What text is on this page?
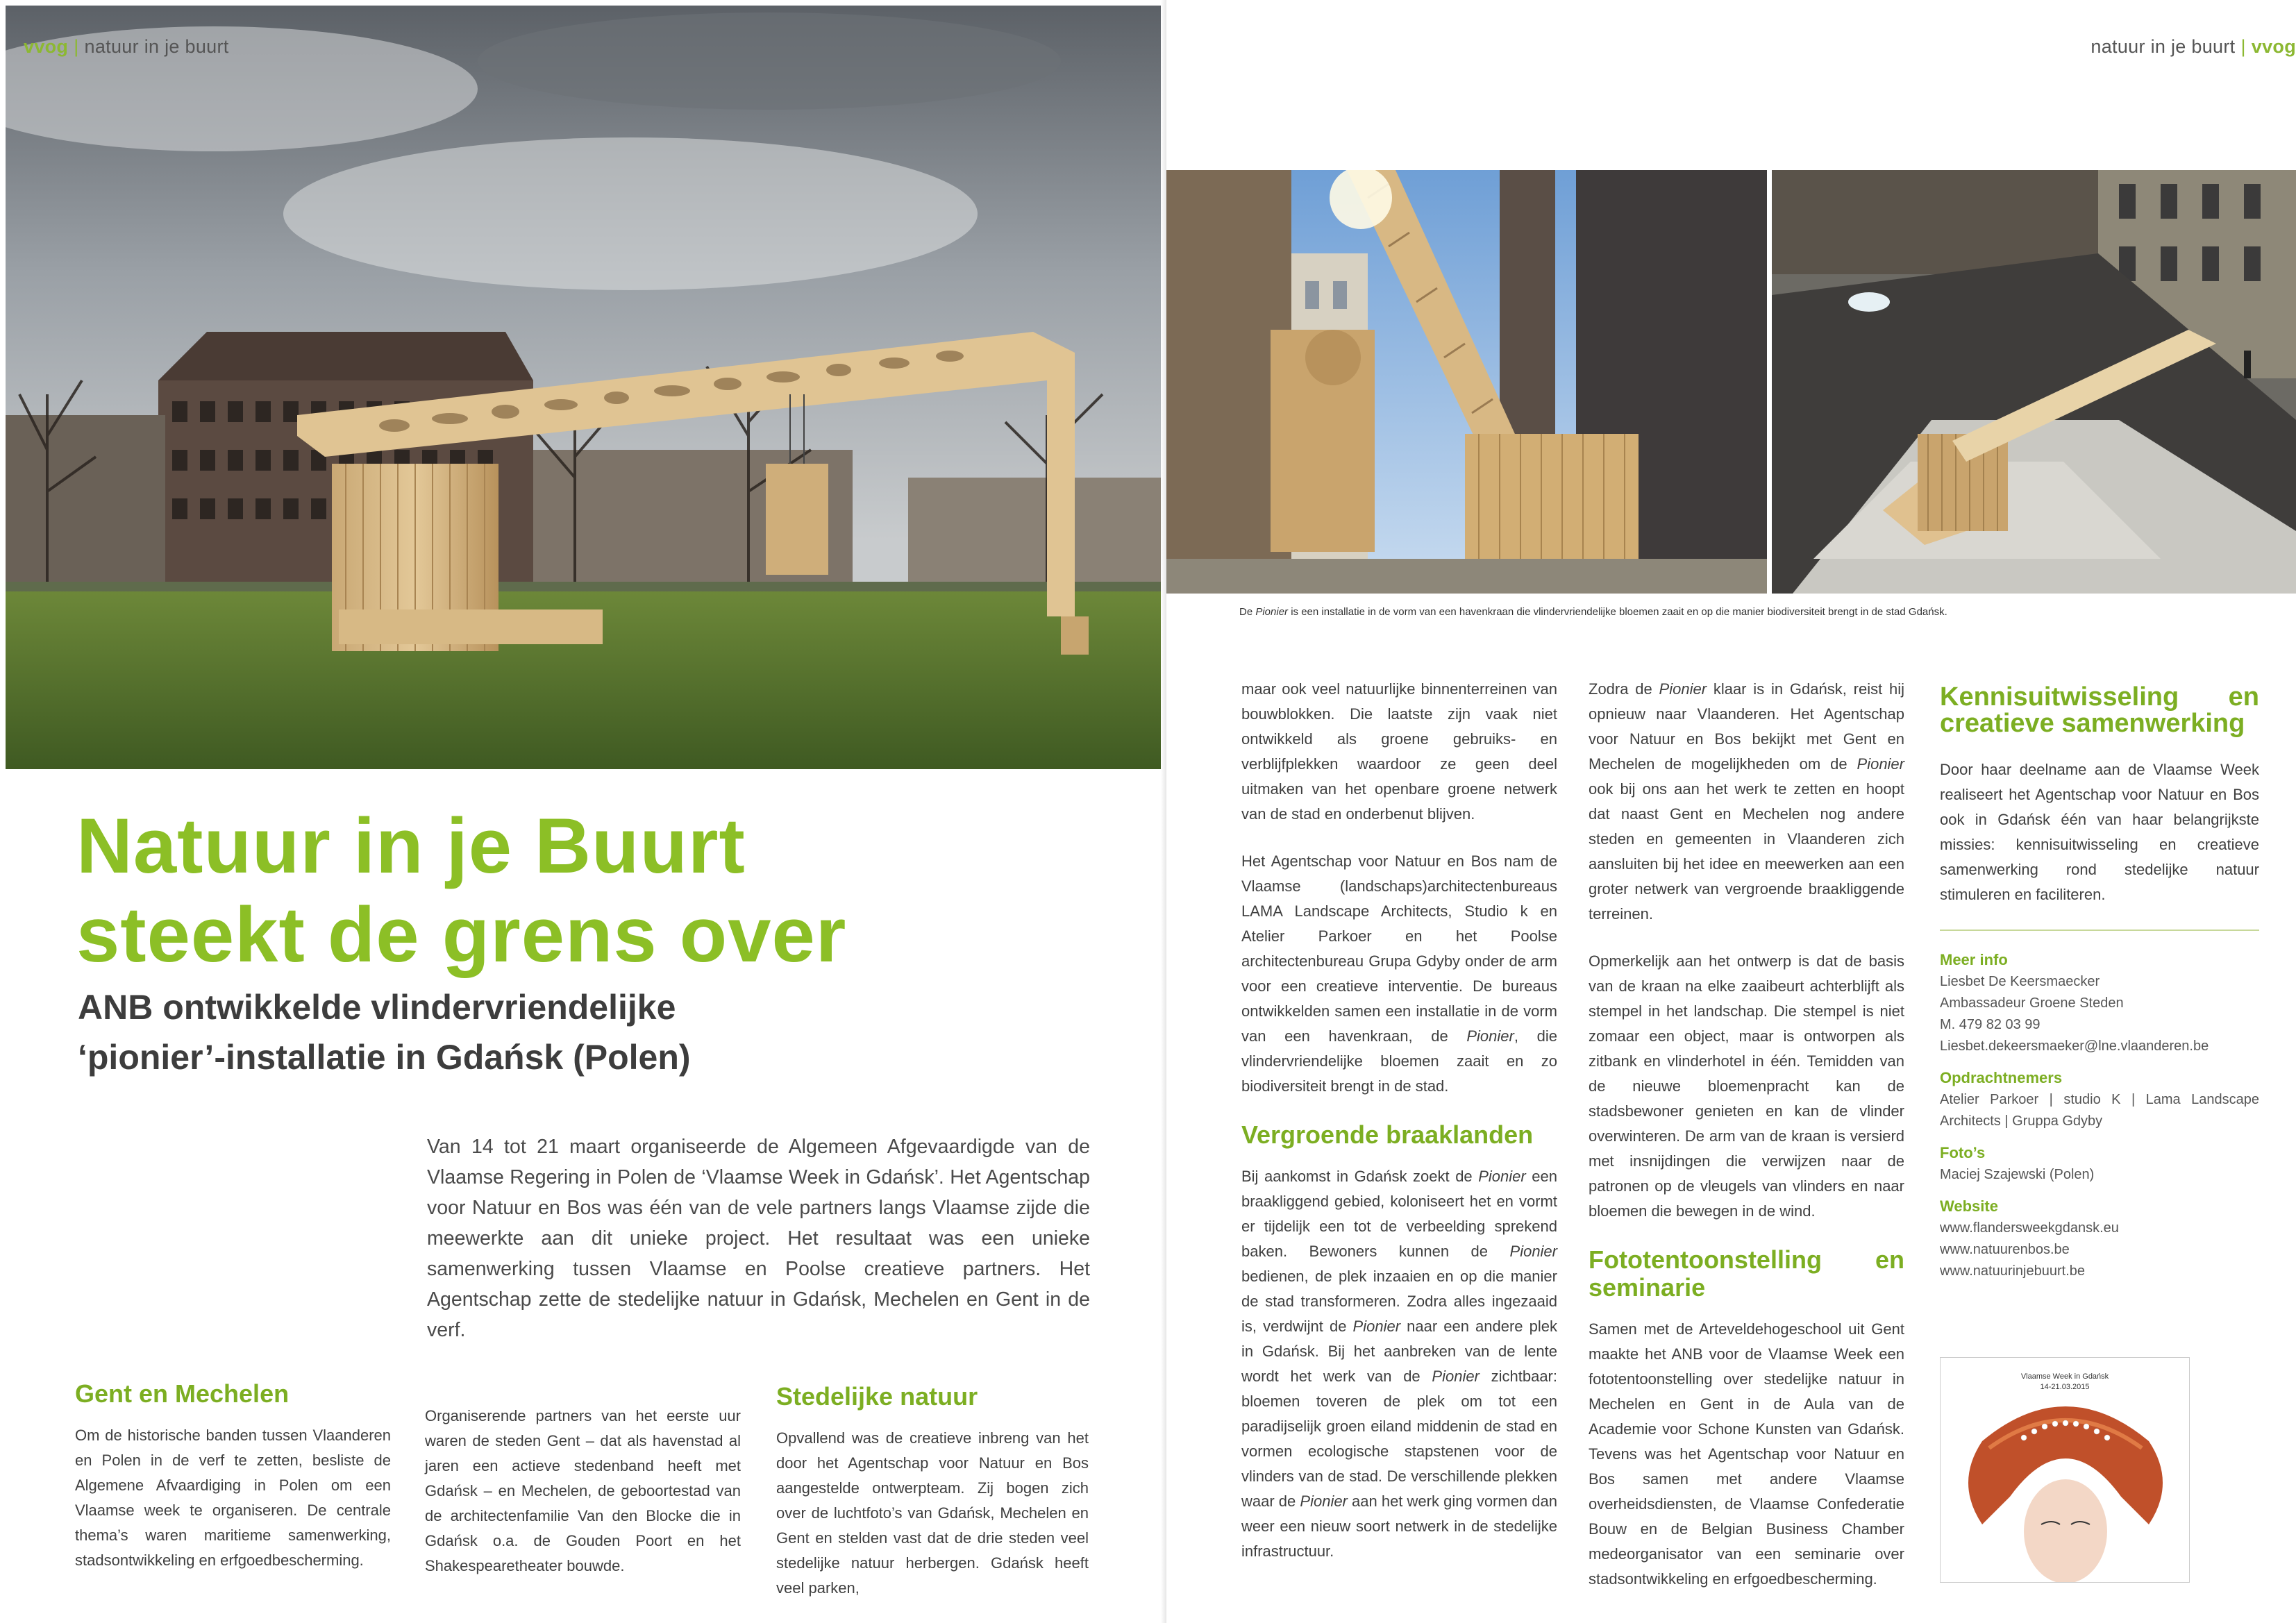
vvog | natuur in je buurt
Natuur in je Buurt
steekt de grens over
ANB ontwikkelde vlindervriendelijke
‘pionier’-installatie in Gdańsk (Polen)
Van 14 tot 21 maart organiseerde de Algemeen Afgevaardigde van de Vlaamse Regering in Polen de ‘Vlaamse Week in Gdańsk’. Het Agentschap voor Natuur en Bos was één van de vele partners langs Vlaamse zijde die meewerkte aan dit unieke project. Het resultaat was een unieke samenwerking tussen Vlaamse en Poolse creatieve partners. Het Agentschap zette de stedelijke natuur in Gdańsk, Mechelen en Gent in de verf.
Gent en Mechelen

Om de historische banden tussen Vlaanderen en Polen in de verf te zetten, besliste de Algemene Afvaardiging in Polen om een Vlaamse week te organiseren. De centrale thema’s waren maritieme samenwerking, stadsontwikkeling en erfgoedbescherming.

Organiserende partners van het eerste uur waren de steden Gent – dat als havenstad al jaren een actieve stedenband heeft met Gdańsk – en Mechelen, de geboortestad van de architectenfamilie Van den Blocke die in Gdańsk o.a. de Gouden Poort en het Shakespearetheater bouwde.

Stedelijke natuur

Opvallend was de creatieve inbreng van het door het Agentschap voor Natuur en Bos aangestelde ontwerpteam. Zij bogen zich over de luchtfoto’s van Gdańsk, Mechelen en Gent en stelden vast dat de drie steden veel stedelijke natuur herbergen. Gdańsk heeft veel parken,

natuur in je buurt | vvog
De Pionier is een installatie in de vorm van een havenkraan die vlindervriendelijke bloemen zaait en op die manier biodiversiteit brengt in de stad Gdańsk.

maar ook veel natuurlijke binnenterreinen van bouwblokken. Die laatste zijn vaak niet ontwikkeld als groene gebruiks- en verblijfplekken waardoor ze geen deel uitmaken van het openbare groene netwerk van de stad en onderbenut blijven.

Het Agentschap voor Natuur en Bos nam de Vlaamse (landschaps)architectenbureaus LAMA Landscape Architects, Studio k en Atelier Parkoer en het Poolse architectenbureau Grupa Gdyby onder de arm voor een creatieve interventie. De bureaus ontwikkelden samen een installatie in de vorm van een havenkraan, de Pionier, die vlindervriendelijke bloemen zaait en zo biodiversiteit brengt in de stad.

Vergroende braaklanden

Bij aankomst in Gdańsk zoekt de Pionier een braakliggend gebied, koloniseert het en vormt er tijdelijk een tot de verbeelding sprekend baken. Bewoners kunnen de Pionier bedienen, de plek inzaaien en op die manier de stad transformeren. Zodra alles ingezaaid is, verdwijnt de Pionier naar een andere plek in Gdańsk. Bij het aanbreken van de lente wordt het werk van de Pionier zichtbaar: bloemen toveren de plek om tot een paradijselijk groen eiland middenin de stad en vormen ecologische stapstenen voor de vlinders van de stad. De verschillende plekken waar de Pionier aan het werk ging vormen dan weer een nieuw soort netwerk in de stedelijke infrastructuur.

Zodra de Pionier klaar is in Gdańsk, reist hij opnieuw naar Vlaanderen. Het Agentschap voor Natuur en Bos bekijkt met Gent en Mechelen de mogelijkheden om de Pionier ook bij ons aan het werk te zetten en hoopt dat naast Gent en Mechelen nog andere steden en gemeenten in Vlaanderen zich aansluiten bij het idee en meewerken aan een groter netwerk van vergroende braakliggende terreinen.

Opmerkelijk aan het ontwerp is dat de basis van de kraan na elke zaaibeurt achterblijft als stempel in het landschap. Die stempel is niet zomaar een object, maar is ontworpen als zitbank en vlinderhotel in één. Temidden van de nieuwe bloemenpracht kan de stadsbewoner genieten en kan de vlinder overwinteren. De arm van de kraan is versierd met insnijdingen die verwijzen naar de patronen op de vleugels van vlinders en naar bloemen die bewegen in de wind.

Fototentoonstelling en seminarie

Samen met de Arteveldehogeschool uit Gent maakte het ANB voor de Vlaamse Week een fototentoonstelling over stedelijke natuur in Mechelen en Gent in de Aula van de Academie voor Schone Kunsten van Gdańsk. Tevens was het Agentschap voor Natuur en Bos samen met andere Vlaamse overheidsdiensten, de Vlaamse Confederatie Bouw en de Belgian Business Chamber medeorganisator van een seminarie over stadsontwikkeling en erfgoedbescherming.

Kennisuitwisseling en creatieve samenwerking

Door haar deelname aan de Vlaamse Week realiseert het Agentschap voor Natuur en Bos ook in Gdańsk één van haar belangrijkste missies: kennisuitwisseling en creatieve samenwerking rond stedelijke natuur stimuleren en faciliteren.

Meer info
Liesbet De Keersmaecker
Ambassadeur Groene Steden
M. 479 82 03 99
Liesbet.dekeersmaeker@lne.vlaanderen.be
Opdrachtnemers
Atelier Parkoer | studio K | Lama Landscape Architects | Gruppa Gdyby
Foto’s
Maciej Szajewski (Polen)
Website
www.flandersweekgdansk.eu
www.natuurenbos.be
www.natuurinjebuurt.be
Vlaamse Week in Gdańsk
14-21.03.2015
